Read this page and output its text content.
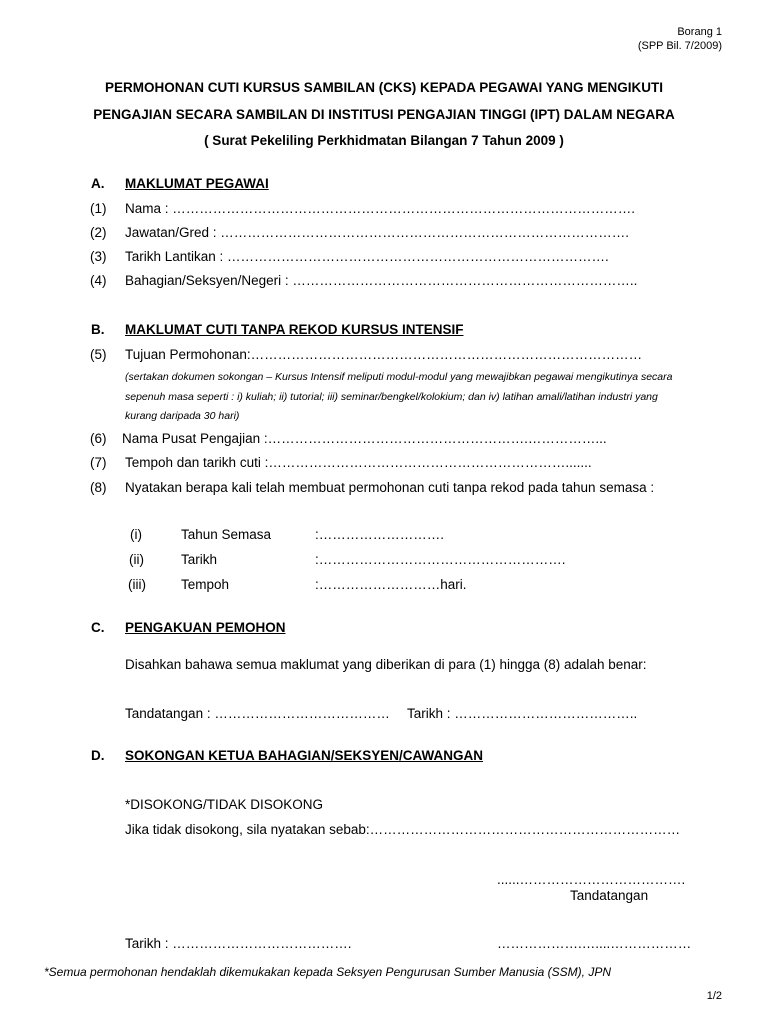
Borang 1
(SPP Bil. 7/2009)
PERMOHONAN CUTI KURSUS SAMBILAN (CKS) KEPADA PEGAWAI YANG MENGIKUTI
PENGAJIAN SECARA SAMBILAN DI INSTITUSI PENGAJIAN TINGGI (IPT) DALAM NEGARA
( Surat Pekeliling Perkhidmatan Bilangan 7 Tahun 2009 )
A. MAKLUMAT PEGAWAI
(1) Nama : ………………………………………………………………………………………….
(2) Jawatan/Gred : ……………………………………………………………………………….
(3) Tarikh Lantikan : ………………………………………………………………………….
(4) Bahagian/Seksyen/Negeri : …………………………………………………………………..
B. MAKLUMAT CUTI TANPA REKOD KURSUS INTENSIF
(5) Tujuan Permohonan:……………………………………………………………………………
(sertakan dokumen sokongan – Kursus Intensif meliputi modul-modul yang mewajibkan pegawai mengikutinya secara
sepenuh masa seperti : i) kuliah; ii) tutorial; iii) seminar/bengkel/kolokium; dan iv) latihan amali/latihan industri yang
kurang daripada 30 hari)
(6) Nama Pusat Pengajian :………………………………………………….……………...
(7) Tempoh dan tarikh cuti :………………………………………………………….......
(8) Nyatakan berapa kali telah membuat permohonan cuti tanpa rekod pada tahun semasa :
(i)	Tahun Semasa	:……………………….
(ii)	Tarikh	:……………………………………………….
(iii)	Tempoh	:………………………hari.
C. PENGAKUAN PEMOHON
Disahkan bahawa semua maklumat yang diberikan di para (1) hingga (8) adalah benar:
Tandatangan : ………………………………… Tarikh : …………………………………..
D. SOKONGAN KETUA BAHAGIAN/SEKSYEN/CAWANGAN
*DISOKONG/TIDAK DISOKONG
Jika tidak disokong, sila nyatakan sebab:……………………………………………………………
......……………………………….
Tandatangan
Tarikh : ………………………………….	……………….…....………………
*Semua permohonan hendaklah dikemukakan kepada Seksyen Pengurusan Sumber Manusia (SSM), JPN
1/2
